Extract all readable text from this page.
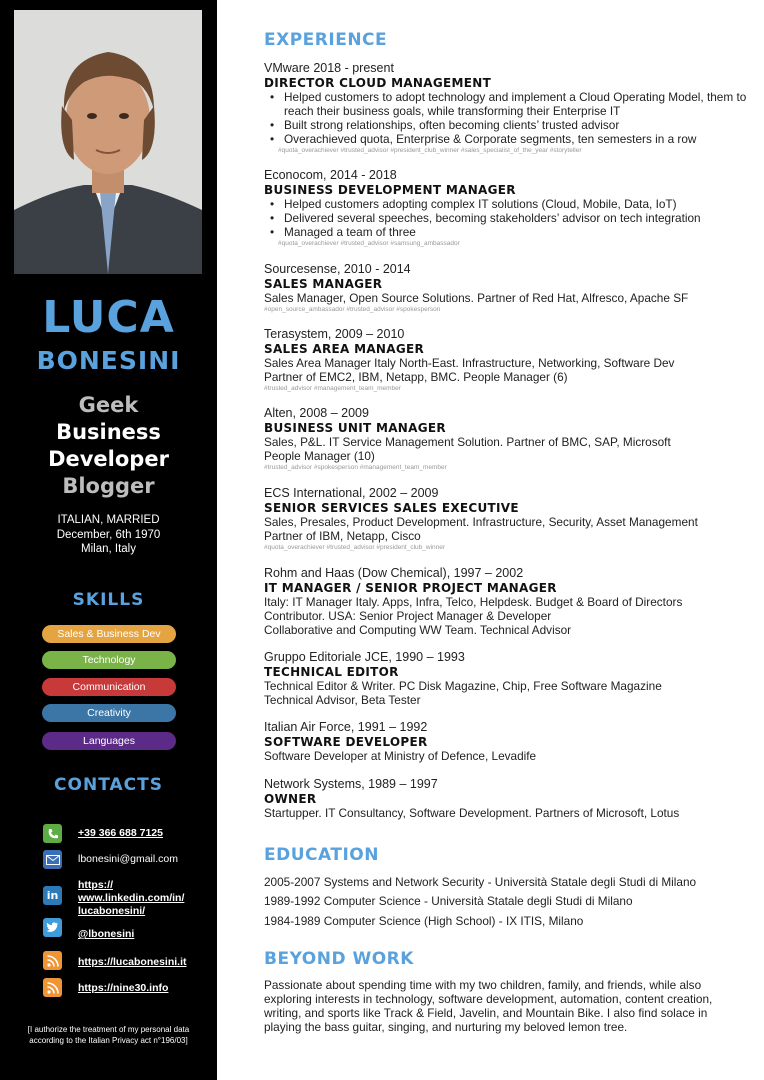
LUCA
BONESINI
Geek
Business
Developer
Blogger
ITALIAN, MARRIED
December, 6th 1970
Milan, Italy
SKILLS
Sales & Business Dev
Technology
Communication
Creativity
Languages
CONTACTS
+39 366 688 7125
lbonesini@gmail.com
in
https://
www.linkedin.com/in/
lucabonesini/
@lbonesini
https://lucabonesini.it
https://nine30.info
[I authorize the treatment of my personal data
according to the Italian Privacy act n°196/03]
EXPERIENCE
VMware 2018 - present
DIRECTOR CLOUD MANAGEMENT
• Helped customers to adopt technology and implement a Cloud Operating Model, them to reach their business goals, while transforming their Enterprise IT
• Built strong relationships, often becoming clients’ trusted advisor
• Overachieved quota, Enterprise & Corporate segments, ten semesters in a row
#quota_overachiever #trusted_advisor #president_club_winner #sales_specialist_of_the_year #storyteller
Econocom, 2014 - 2018
BUSINESS DEVELOPMENT MANAGER
• Helped customers adopting complex IT solutions (Cloud, Mobile, Data, IoT)
• Delivered several speeches, becoming stakeholders’ advisor on tech integration
• Managed a team of three
#quota_overachiever #trusted_advisor #samsung_ambassador
Sourcesense, 2010 - 2014
SALES MANAGER
Sales Manager, Open Source Solutions. Partner of Red Hat, Alfresco, Apache SF
#open_source_ambassador #trusted_advisor #spokesperson
Terasystem, 2009 – 2010
SALES AREA MANAGER
Sales Area Manager Italy North-East. Infrastructure, Networking, Software Dev
Partner of EMC2, IBM, Netapp, BMC. People Manager (6)
#trusted_advisor #management_team_member
Alten, 2008 – 2009
BUSINESS UNIT MANAGER
Sales, P&L. IT Service Management Solution. Partner of BMC, SAP, Microsoft
People Manager (10)
#trusted_advisor #spokesperson #management_team_member
ECS International, 2002 – 2009
SENIOR SERVICES SALES EXECUTIVE
Sales, Presales, Product Development. Infrastructure, Security, Asset Management
Partner of IBM, Netapp, Cisco
#quota_overachiever #trusted_advisor #president_club_winner
Rohm and Haas (Dow Chemical), 1997 – 2002
IT MANAGER / SENIOR PROJECT MANAGER
Italy: IT Manager Italy. Apps, Infra, Telco, Helpdesk. Budget & Board of Directors
Contributor. USA: Senior Project Manager & Developer
Collaborative and Computing WW Team. Technical Advisor
Gruppo Editoriale JCE, 1990 – 1993
TECHNICAL EDITOR
Technical Editor & Writer. PC Disk Magazine, Chip, Free Software Magazine
Technical Advisor, Beta Tester
Italian Air Force, 1991 – 1992
SOFTWARE DEVELOPER
Software Developer at Ministry of Defence, Levadife
Network Systems, 1989 – 1997
OWNER
Startupper. IT Consultancy, Software Development. Partners of Microsoft, Lotus
EDUCATION
2005-2007 Systems and Network Security - Università Statale degli Studi di Milano
1989-1992 Computer Science - Università Statale degli Studi di Milano
1984-1989 Computer Science (High School) - IX ITIS, Milano
BEYOND WORK
Passionate about spending time with my two children, family, and friends, while also exploring interests in technology, software development, automation, content creation, writing, and sports like Track & Field, Javelin, and Mountain Bike. I also find solace in playing the bass guitar, singing, and nurturing my beloved lemon tree.
